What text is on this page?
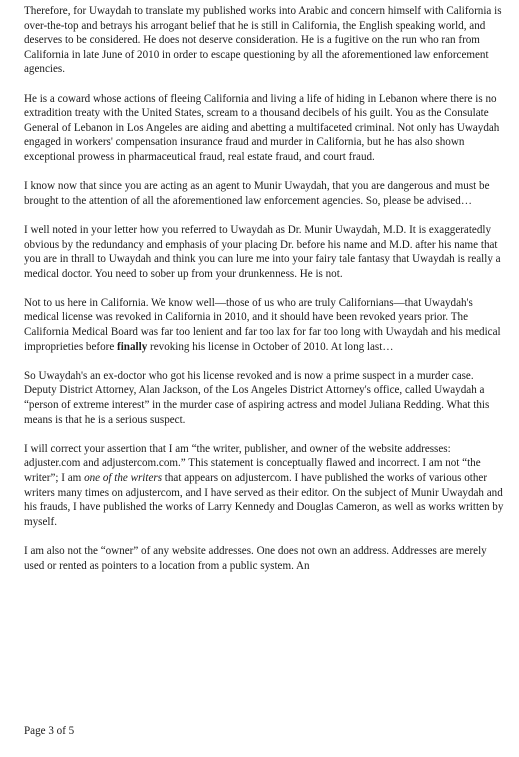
Therefore, for Uwaydah to translate my published works into Arabic and concern himself with California is over-the-top and betrays his arrogant belief that he is still in California, the English speaking world, and deserves to be considered. He does not deserve consideration. He is a fugitive on the run who ran from California in late June of 2010 in order to escape questioning by all the aforementioned law enforcement agencies.

He is a coward whose actions of fleeing California and living a life of hiding in Lebanon where there is no extradition treaty with the United States, scream to a thousand decibels of his guilt. You as the Consulate General of Lebanon in Los Angeles are aiding and abetting a multifaceted criminal. Not only has Uwaydah engaged in workers' compensation insurance fraud and murder in California, but he has also shown exceptional prowess in pharmaceutical fraud, real estate fraud, and court fraud.

I know now that since you are acting as an agent to Munir Uwaydah, that you are dangerous and must be brought to the attention of all the aforementioned law enforcement agencies. So, please be advised…

I well noted in your letter how you referred to Uwaydah as Dr. Munir Uwaydah, M.D. It is exaggeratedly obvious by the redundancy and emphasis of your placing Dr. before his name and M.D. after his name that you are in thrall to Uwaydah and think you can lure me into your fairy tale fantasy that Uwaydah is really a medical doctor. You need to sober up from your drunkenness. He is not.

Not to us here in California. We know well—those of us who are truly Californians—that Uwaydah's medical license was revoked in California in 2010, and it should have been revoked years prior. The California Medical Board was far too lenient and far too lax for far too long with Uwaydah and his medical improprieties before finally revoking his license in October of 2010. At long last…

So Uwaydah's an ex-doctor who got his license revoked and is now a prime suspect in a murder case. Deputy District Attorney, Alan Jackson, of the Los Angeles District Attorney's office, called Uwaydah a “person of extreme interest” in the murder case of aspiring actress and model Juliana Redding. What this means is that he is a serious suspect.

I will correct your assertion that I am “the writer, publisher, and owner of the website addresses: adjuster.com and adjustercom.com.” This statement is conceptually flawed and incorrect. I am not “the writer”; I am one of the writers that appears on adjustercom. I have published the works of various other writers many times on adjustercom, and I have served as their editor. On the subject of Munir Uwaydah and his frauds, I have published the works of Larry Kennedy and Douglas Cameron, as well as works written by myself.

I am also not the “owner” of any website addresses. One does not own an address. Addresses are merely used or rented as pointers to a location from a public system. An

Page 3 of 5
